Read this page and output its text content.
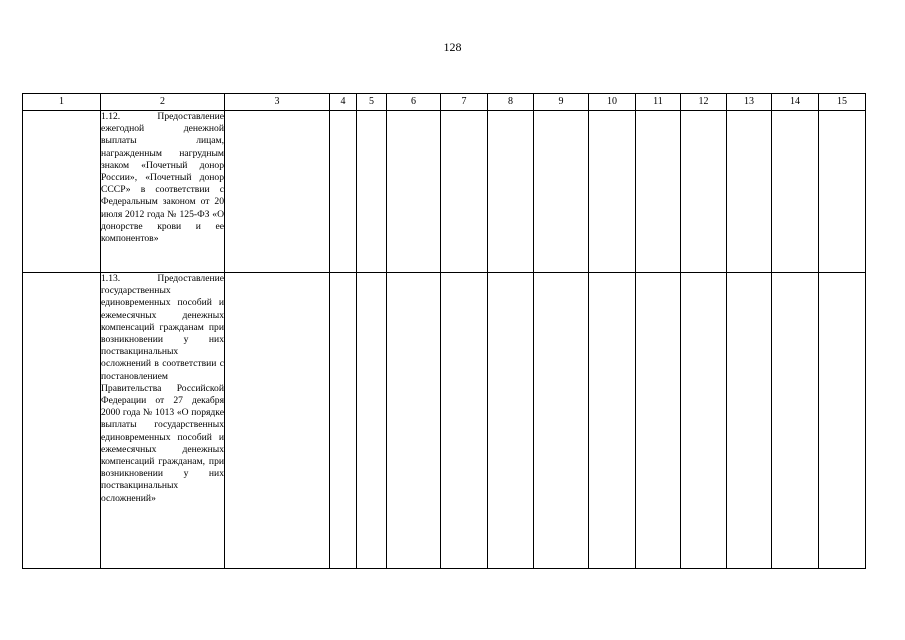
128
1	2	3	4	5	6	7	8	9	10	11	12	13	14	15

	1.12. Предоставление ежегодной денежной выплаты лицам, награжденным нагрудным знаком «Почетный донор России», «Почетный донор СССР» в соответствии с Федеральным законом от 20 июля 2012 года № 125-ФЗ «О донорстве крови и ее компонентов»													

	1.13. Предоставление государственных единовременных пособий и ежемесячных денежных компенсаций гражданам при возникновении у них поствакцинальных осложнений в соответствии с постановлением Правительства Российской Федерации от 27 декабря 2000 года № 1013 «О порядке выплаты государственных единовременных пособий и ежемесячных денежных компенсаций гражданам, при возникновении у них поствакцинальных осложнений»													
